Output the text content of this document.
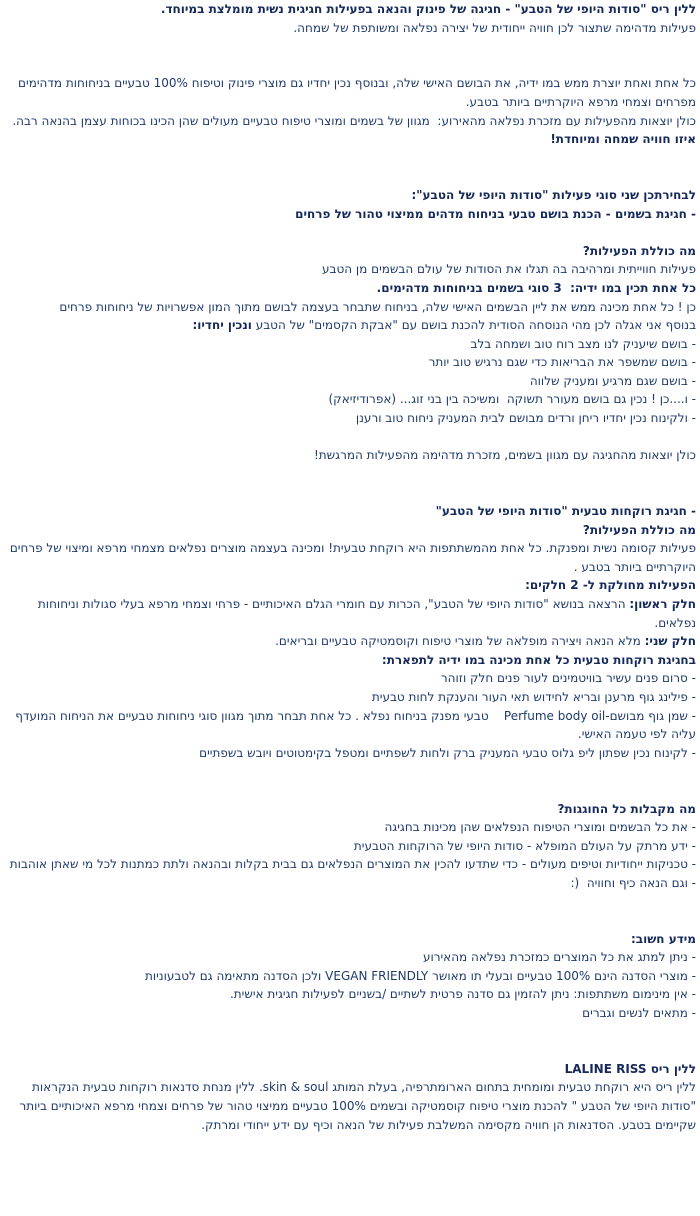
ללין ריס "סודות היופי של הטבע" - חגיגה של פינוק והנאה בפעילות חגיגית נשית מומלצת במיוחד.
פעילות מדהימה שתצור לכן חוויה ייחודית של יצירה נפלאה ומשותפת של שמחה.
כל אחת ואחת יוצרת ממש במו ידיה, את הבושם האישי שלה, ובנוסף נכין יחדיו גם מוצרי פינוק וטיפוח 100% טבעיים בניחוחות מדהימים מפרחים וצמחי מרפא היוקרתיים ביותר בטבע.
כולן יוצאות מהפעילות עם מזכרת נפלאה מהאירוע:  מגוון של בשמים ומוצרי טיפוח טבעיים מעולים שהן הכינו בכוחות עצמן בהנאה רבה.
איזו חוויה שמחה ומיוחדת!
לבחירתכן שני סוגי פעילות "סודות היופי של הטבע":
- חגיגת בשמים - הכנת בושם טבעי בניחוח מדהים ממיצוי טהור של פרחים
מה כוללת הפעילות?
פעילות חווייתית ומרהיבה בה תגלו את הסודות של עולם הבשמים מן הטבע
כל אחת תכין במו ידיה:  3 סוגי בשמים בניחוחות מדהימים.
כן ! כל אחת מכינה ממש את ליין הבשמים האישי שלה, בניחוח שתבחר בעצמה לבושם מתוך המון אפשרויות של ניחוחות פרחים
בנוסף אני אגלה לכן מהי הנוסחה הסודית להכנת בושם עם "אבקת הקסמים" של הטבע ונכין יחדיו:
- בושם שיעניק לנו מצב רוח טוב ושמחה בלב
- בושם שמשפר את הבריאות כדי שגם נרגיש טוב יותר
- בושם שגם מרגיע ומעניק שלווה
- ו....כן ! נכין גם בושם מעורר תשוקה  ומשיכה בין בני זוג... (אפרודיזיאק)
- ולקינוח נכין יחדיו ריחן ורדים מבושם לבית המעניק ניחוח טוב ורענן
כולן יוצאות מהחגיגה עם מגוון בשמים, מזכרת מדהימה מהפעילות המרגשת!
- חגיגת רוקחות טבעית "סודות היופי של הטבע"
מה כוללת הפעילות?
פעילות קסומה נשית ומפנקת. כל אחת מהמשתתפות היא רוקחת טבעית! ומכינה בעצמה מוצרים נפלאים מצמחי מרפא ומיצוי של פרחים היוקרתיים ביותר בטבע .
הפעילות מחולקת ל- 2 חלקים:
חלק ראשון: הרצאה בנושא "סודות היופי של הטבע", הכרות עם חומרי הגלם האיכותיים - פרחי וצמחי מרפא בעלי סגולות וניחוחות נפלאים.
חלק שני: מלא הנאה ויצירה מופלאה של מוצרי טיפוח וקוסמטיקה טבעיים ובריאים.
בחגיגת רוקחות טבעית כל אחת מכינה במו ידיה לתפארת:
- סרום פנים עשיר בוויטמינים לעור פנים חלק וזוהר
- פילינג גוף מרענן ובריא לחידוש תאי העור והענקת לחות טבעית
- שמן גוף מבושם-Perfume body oil    טבעי מפנק בניחוח נפלא . כל אחת תבחר מתוך מגוון סוגי ניחוחות טבעיים את הניחוח המועדף עליה לפי טעמה האישי.
- לקינוח נכין שפתון ליפ גלוס טבעי המעניק ברק ולחות לשפתיים ומטפל בקימטוטים ויובש בשפתיים
מה מקבלות כל החוגגות?
- את כל הבשמים ומוצרי הטיפוח הנפלאים שהן מכינות בחגיגה
- ידע מרתק על העולם המופלא - סודות היופי של הרוקחות הטבעית
- טכניקות ייחודיות וטיפים מעולים - כדי שתדעו להכין את המוצרים הנפלאים גם בבית בקלות ובהנאה ולתת כמתנות לכל מי שאתן אוהבות
- וגם הנאה כיף וחוויה  (:
מידע חשוב:
- ניתן למתג את כל המוצרים כמזכרת נפלאה מהאירוע
- מוצרי הסדנה הינם 100% טבעיים ובעלי תו מאושר VEGAN FRIENDLY ולכן הסדנה מתאימה גם לטבעוניות
- אין מינימום משתתפות: ניתן להזמין גם סדנה פרטית לשתיים /בשניים לפעילות חגיגית אישית.
- מתאים לנשים וגברים
ללין ריס LALINE RISS
ללין ריס היא רוקחת טבעית ומומחית בתחום הארומתרפיה, בעלת המותג skin & soul. ללין מנחת סדנאות רוקחות טבעית הנקראות "סודות היופי של הטבע " להכנת מוצרי טיפוח קוסמטיקה ובשמים 100% טבעיים ממיצוי טהור של פרחים וצמחי מרפא האיכותיים ביותר שקיימים בטבע. הסדנאות הן חוויה מקסימה המשלבת פעילות של הנאה וכיף עם ידע ייחודי ומרתק.
